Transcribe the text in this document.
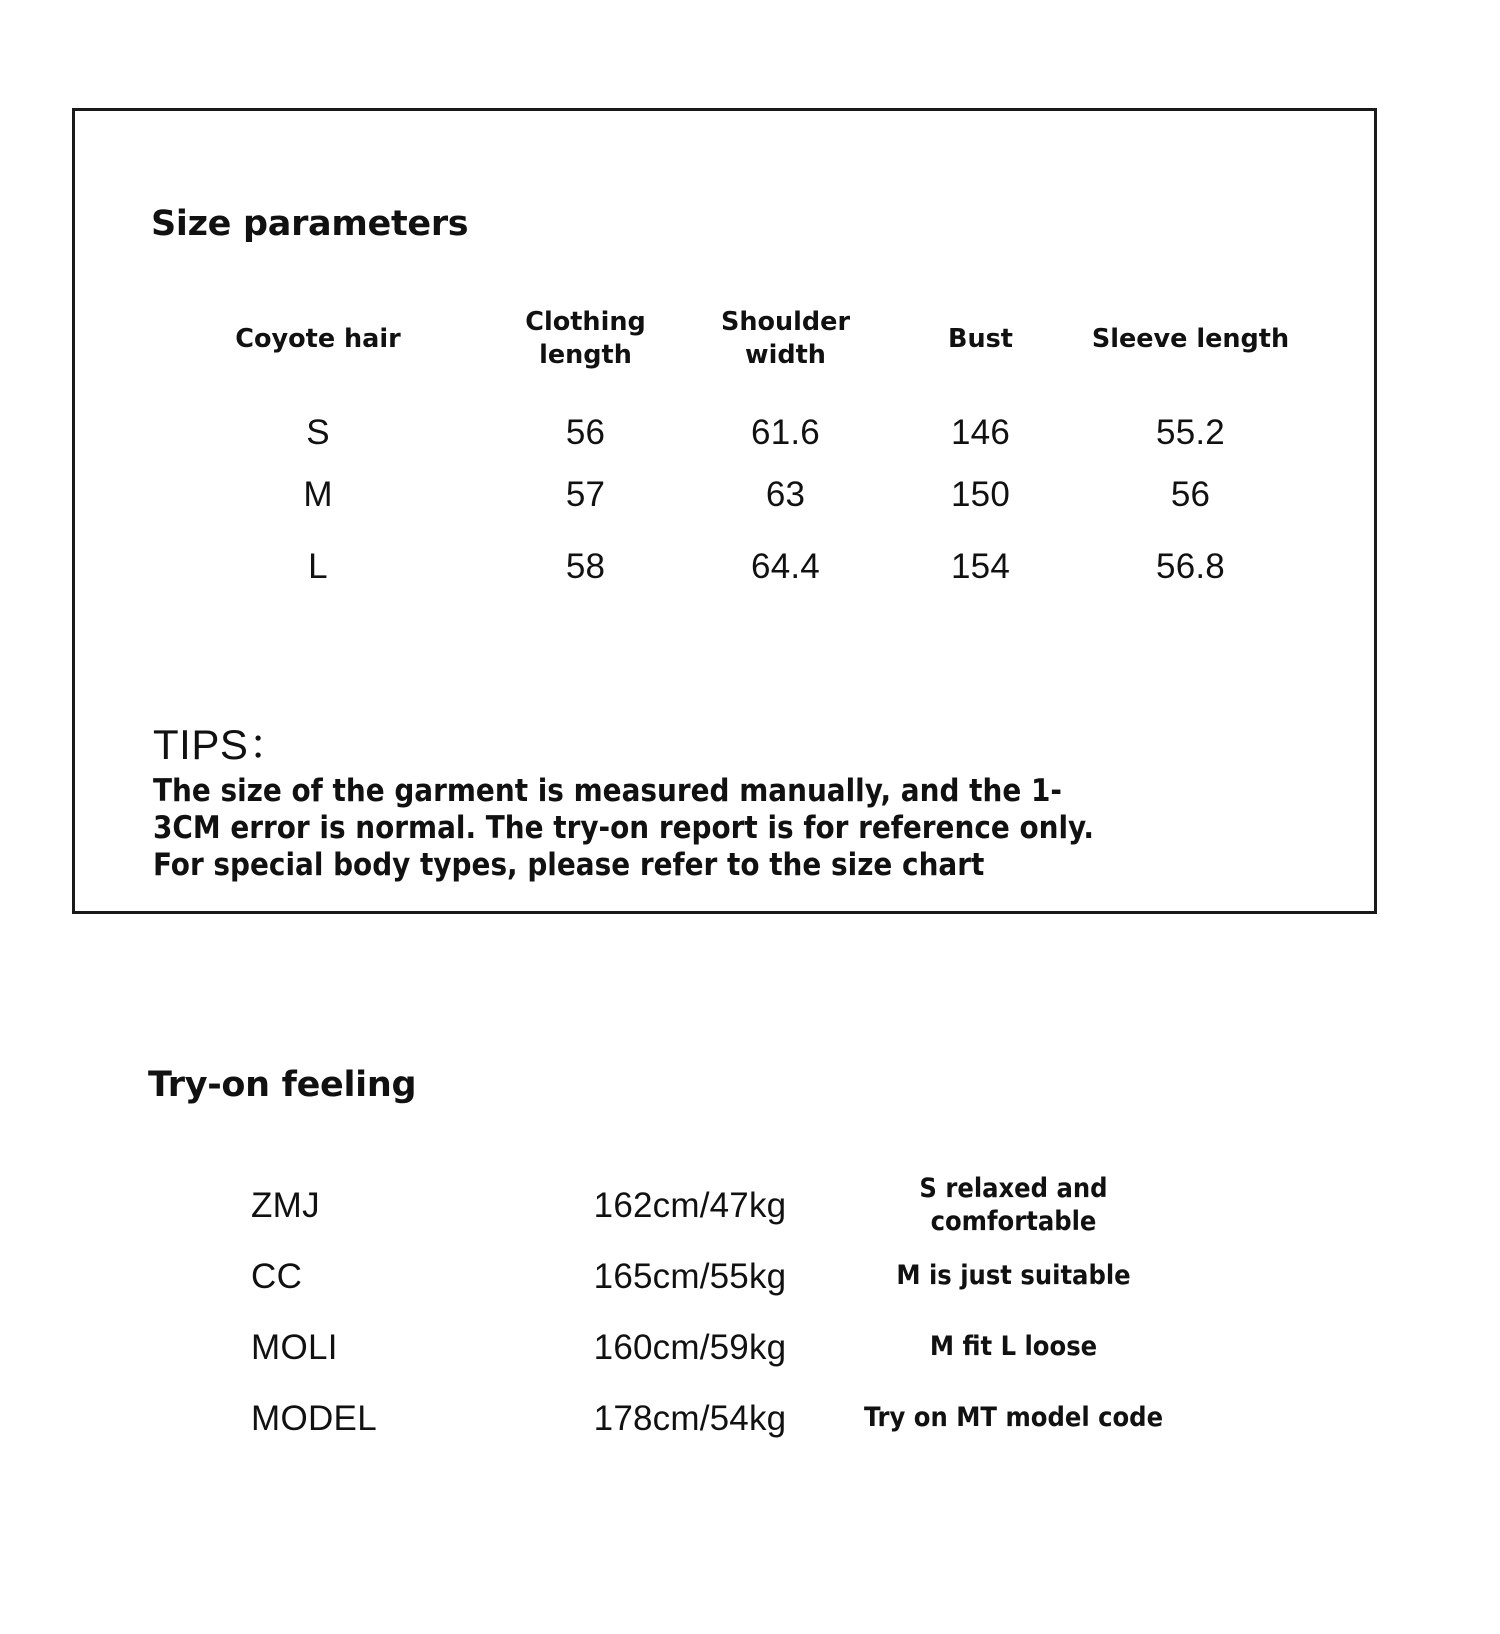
Size parameters
Coyote hair	Clothing length	Shoulder width	Bust	Sleeve length
S	56	61.6	146	55.2
M	57	63	150	56
L	58	64.4	154	56.8
TIPS：
The size of the garment is measured manually, and the 1-3CM error is normal. The try-on report is for reference only. For special body types, please refer to the size chart
Try-on feeling
ZMJ	162cm/47kg	S relaxed and comfortable
CC	165cm/55kg	M is just suitable
MOLI	160cm/59kg	M fit L loose
MODEL	178cm/54kg	Try on MT model code
